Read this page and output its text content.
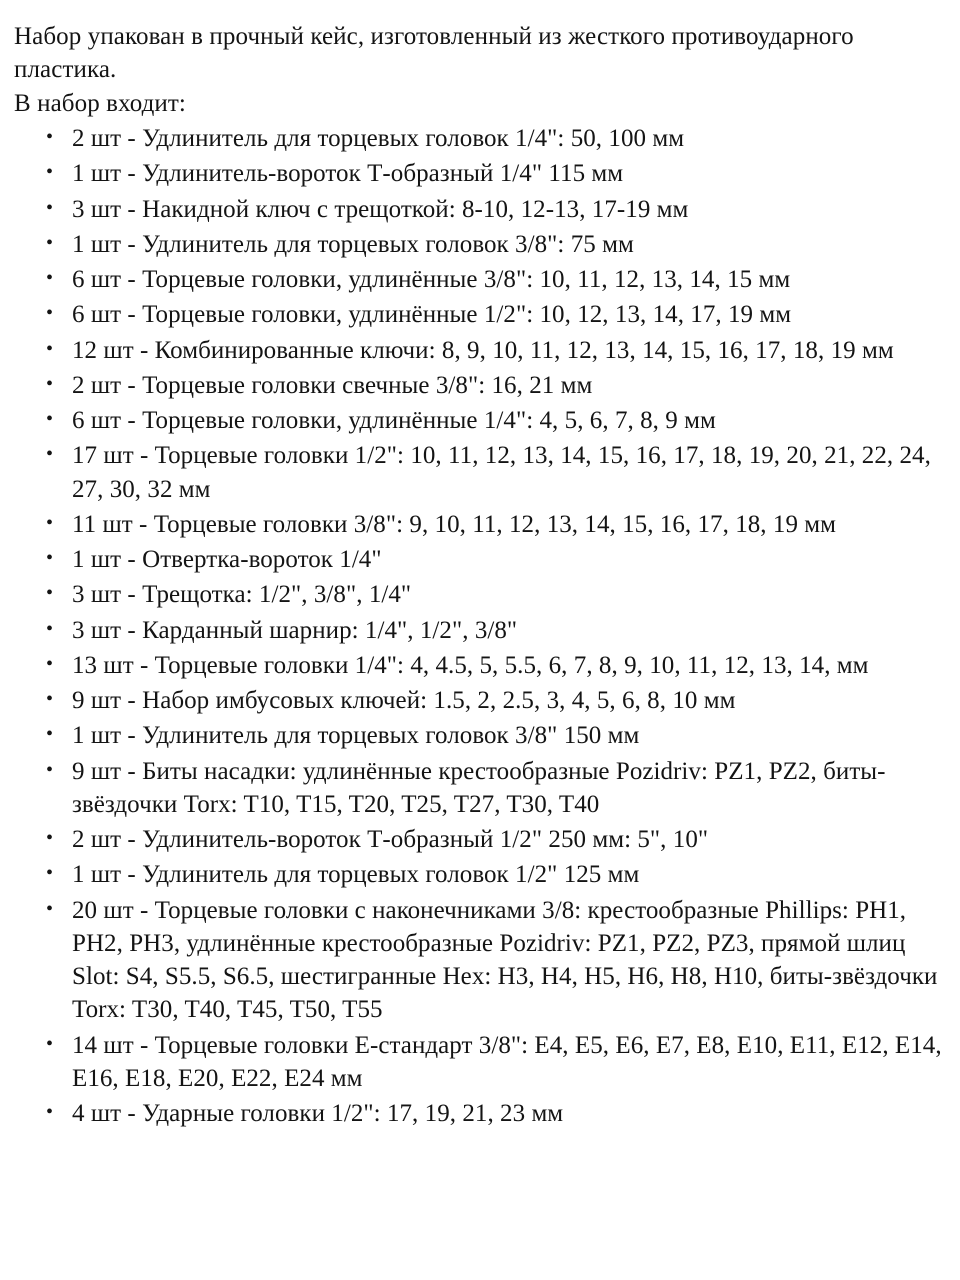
Набор упакован в прочный кейс, изготовленный из жесткого противоударного пластика.

В набор входит:

• 2 шт - Удлинитель для торцевых головок 1/4": 50, 100 мм
• 1 шт - Удлинитель-вороток Т-образный 1/4" 115 мм
• 3 шт - Накидной ключ с трещоткой: 8-10, 12-13, 17-19 мм
• 1 шт - Удлинитель для торцевых головок 3/8": 75 мм
• 6 шт - Торцевые головки, удлинённые 3/8": 10, 11, 12, 13, 14, 15 мм
• 6 шт - Торцевые головки, удлинённые 1/2": 10, 12, 13, 14, 17, 19 мм
• 12 шт - Комбинированные ключи: 8, 9, 10, 11, 12, 13, 14, 15, 16, 17, 18, 19 мм
• 2 шт - Торцевые головки свечные 3/8": 16, 21 мм
• 6 шт - Торцевые головки, удлинённые 1/4": 4, 5, 6, 7, 8, 9 мм
• 17 шт - Торцевые головки 1/2": 10, 11, 12, 13, 14, 15, 16, 17, 18, 19, 20, 21, 22, 24, 27, 30, 32 мм
• 11 шт - Торцевые головки 3/8": 9, 10, 11, 12, 13, 14, 15, 16, 17, 18, 19 мм
• 1 шт - Отвертка-вороток 1/4"
• 3 шт - Трещотка: 1/2", 3/8", 1/4"
• 3 шт - Карданный шарнир: 1/4", 1/2", 3/8"
• 13 шт - Торцевые головки 1/4": 4, 4.5, 5, 5.5, 6, 7, 8, 9, 10, 11, 12, 13, 14, мм
• 9 шт - Набор имбусовых ключей: 1.5, 2, 2.5, 3, 4, 5, 6, 8, 10 мм
• 1 шт - Удлинитель для торцевых головок 3/8" 150 мм
• 9 шт - Биты насадки: удлинённые крестообразные Pozidriv: PZ1, PZ2, биты-звёздочки Torx: T10, T15, T20, T25, T27, T30, T40
• 2 шт - Удлинитель-вороток Т-образный 1/2" 250 мм: 5", 10"
• 1 шт - Удлинитель для торцевых головок 1/2" 125 мм
• 20 шт - Торцевые головки с наконечниками 3/8: крестообразные Phillips: PH1, PH2, PH3, удлинённые крестообразные Pozidriv: PZ1, PZ2, PZ3, прямой шлиц Slot: S4, S5.5, S6.5, шестигранные Hex: H3, H4, H5, H6, H8, H10, биты-звёздочки Torx: T30, T40, T45, T50, T55
• 14 шт - Торцевые головки Е-стандарт 3/8": E4, E5, E6, E7, E8, E10, E11, E12, E14, E16, E18, E20, E22, E24 мм
• 4 шт - Ударные головки 1/2": 17, 19, 21, 23 мм
